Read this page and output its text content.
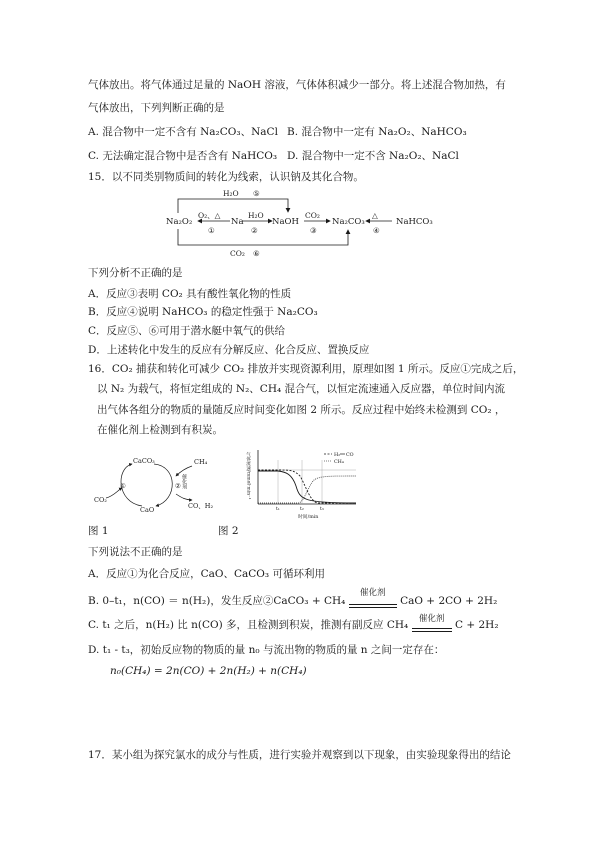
气体放出。将气体通过足量的 NaOH 溶液，气体体积减少一部分。将上述混合物加热，有
气体放出，下列判断正确的是
A. 混合物中一定不含有 Na₂CO₃、NaCl B. 混合物中一定有 Na₂O₂、NaHCO₃
C. 无法确定混合物中是否含有 NaHCO₃ D. 混合物中一定不含 Na₂O₂、NaCl
15．以不同类别物质间的转化为线索，认识钠及其化合物。
Na₂O₂	Na	NaOH	Na₂CO₃	NaHCO₃
O₂、△
①
H₂O
②
CO₂
③
△
④
H₂O ⑤
CO₂ ⑥
下列分析不正确的是
A．反应③表明 CO₂ 具有酸性氧化物的性质
B．反应④说明 NaHCO₃ 的稳定性强于 Na₂CO₃
C．反应⑤、⑥可用于潜水艇中氧气的供给
D．上述转化中发生的反应有分解反应、化合反应、置换反应
16．CO₂ 捕获和转化可减少 CO₂ 排放并实现资源利用，原理如图 1 所示。反应①完成之后，
以 N₂ 为载气，将恒定组成的 N₂、CH₄ 混合气，以恒定流速通入反应器，单位时间内流
出气体各组分的物质的量随反应时间变化如图 2 所示。反应过程中始终未检测到 CO₂ ，
在催化剂上检测到有积炭。
CaCO₃
CaO
CH₄
CO₂
CO、H₂
①	② 催化剂
t₁	t₂	t₃
时间/min
H₂ CO
CH₄
气体流速/mmol·min⁻¹
图 1	图 2
下列说法不正确的是
A．反应①为化合反应，CaO、CaCO₃ 可循环利用
B. 0–t₁，n(CO) ＝ n(H₂)，发生反应②CaCO₃ + CH₄
催化剂
CaO + 2CO + 2H₂
C. t₁ 之后，n(H₂) 比 n(CO) 多，且检测到积炭，推测有副反应 CH₄	催化剂	C + 2H₂
D. t₁ - t₃，初始反应物的物质的量 n₀ 与流出物的物质的量 n 之间一定存在：
n₀(CH₄) = 2n(CO) + 2n(H₂) + n(CH₄)
17．某小组为探究氯水的成分与性质，进行实验并观察到以下现象，由实验现象得出的结论
